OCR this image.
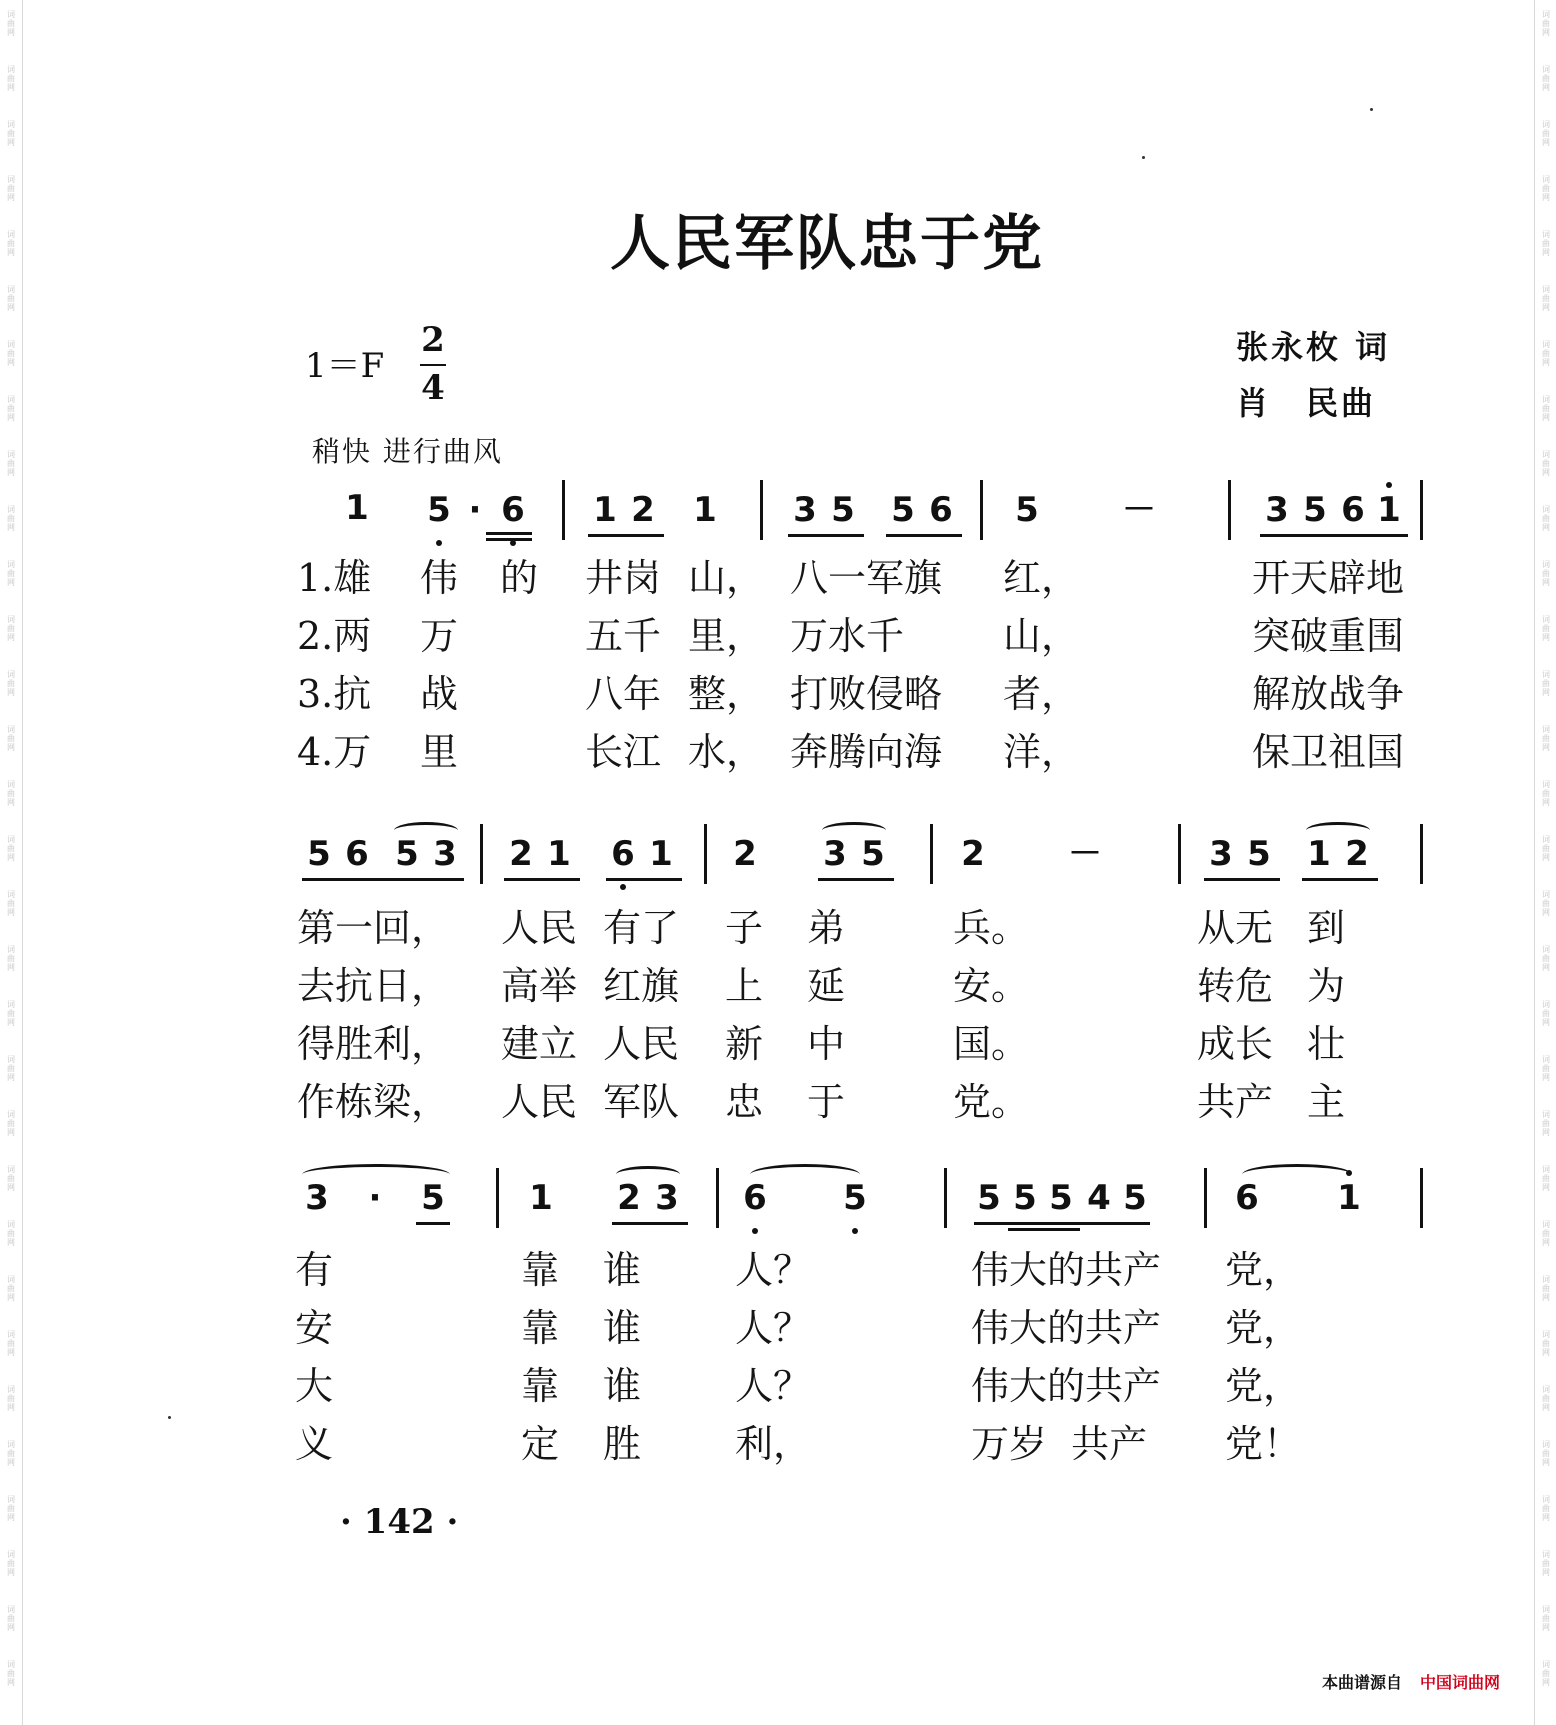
词
曲
网
词
曲
网
词
曲
网
词
曲
网
词
曲
网
词
曲
网
词
曲
网
词
曲
网
词
曲
网
词
曲
网
词
曲
网
词
曲
网
词
曲
网
词
曲
网
词
曲
网
词
曲
网
词
曲
网
词
曲
网
词
曲
网
词
曲
网
词
曲
网
词
曲
网
词
曲
网
词
曲
网
词
曲
网
词
曲
网
词
曲
网
词
曲
网
词
曲
网
词
曲
网
词
曲
网
词
曲
网
词
曲
网
词
曲
网
词
曲
网
词
曲
网
词
曲
网
词
曲
网
词
曲
网
词
曲
网
词
曲
网
词
曲
网
词
曲
网
词
曲
网
词
曲
网
词
曲
网
词
曲
网
词
曲
网
词
曲
网
词
曲
网
词
曲
网
词
曲
网
词
曲
网
词
曲
网
词
曲
网
词
曲
网
词
曲
网
词
曲
网
词
曲
网
词
曲
网
词
曲
网
词
曲
网
人民军队忠于党
1＝F
2
4
张永枚 词
肖　民曲
稍快 进行曲风
1 5 · 6 1 2 1 3 5 5 6 5 －	3 5 6 1
1.雄 伟 的 井岗 山， 八一军旗 红，	开天辟地
2.两 万	五千 里， 万水千	山，	突破重围
3.抗 战	八年 整， 打败侵略 者，	解放战争
4.万 里	长江 水， 奔腾向海 洋，	保卫祖国
5 6 5 3 2 1 6 1 2 3 5 2 －	3 5 1 2
第一回， 人民 有了 子 弟	兵。	从无 到
去抗日， 高举 红旗 上 延	安。	转危 为
得胜利， 建立 人民 新 中	国。	成长 壮
作栋梁， 人民 军队 忠 于	党。	共产 主
3	·	5 1 2 3 6 5	5 5 5 4 5	6 1
有	靠 谁 人？	伟大的共产 党，
安	靠 谁 人？	伟大的共产 党，
大	靠 谁 人？	伟大的共产 党，
义	定 胜 利，	万岁  共产 党！
· 142 ·
本曲谱源自 中国词曲网
